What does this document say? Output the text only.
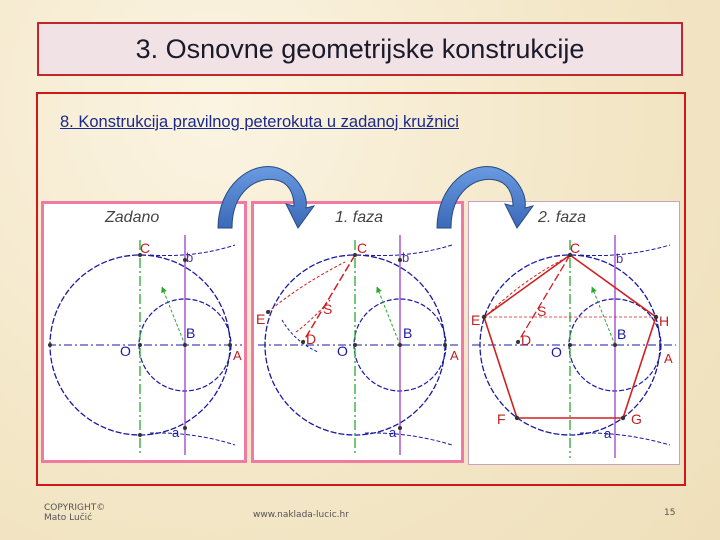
3. Osnovne geometrijske konstrukcije
8. Konstrukcija pravilnog peterokuta u zadanoj kružnici
Zadano
C
b
O
B
A
a
1. faza
C
b
S
E
D
O
B
A
a
2. faza
C
b
S
E
D
O
B
H
A
F	G
a
COPYRIGHT©
Mato Lučić	www.naklada-lucic.hr	15
